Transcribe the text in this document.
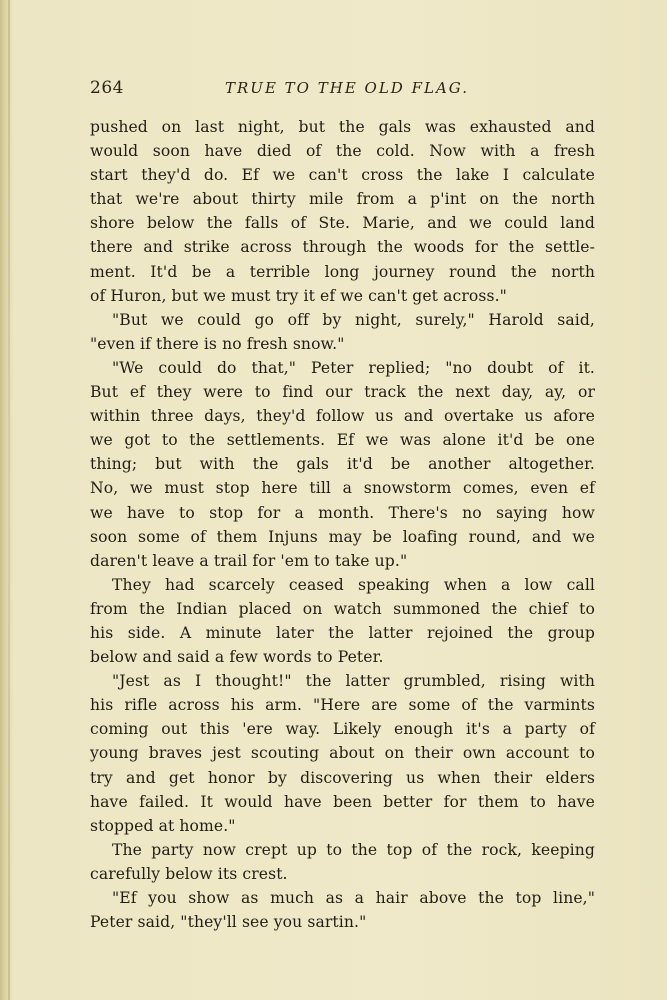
264	TRUE TO THE OLD FLAG.
pushed on last night, but the gals was exhausted and
would soon have died of the cold. Now with a fresh
start they'd do. Ef we can't cross the lake I calculate
that we're about thirty mile from a p'int on the north
shore below the falls of Ste. Marie, and we could land
there and strike across through the woods for the settle-
ment. It'd be a terrible long journey round the north
of Huron, but we must try it ef we can't get across."
"But we could go off by night, surely," Harold said,
"even if there is no fresh snow."
"We could do that," Peter replied; "no doubt of it.
But ef they were to find our track the next day, ay, or
within three days, they'd follow us and overtake us afore
we got to the settlements. Ef we was alone it'd be one
thing; but with the gals it'd be another altogether.
No, we must stop here till a snowstorm comes, even ef
we have to stop for a month. There's no saying how
soon some of them Injuns may be loafing round, and we
daren't leave a trail for 'em to take up."
They had scarcely ceased speaking when a low call
from the Indian placed on watch summoned the chief to
his side. A minute later the latter rejoined the group
below and said a few words to Peter.
"Jest as I thought!" the latter grumbled, rising with
his rifle across his arm. "Here are some of the varmints
coming out this 'ere way. Likely enough it's a party of
young braves jest scouting about on their own account to
try and get honor by discovering us when their elders
have failed. It would have been better for them to have
stopped at home."
The party now crept up to the top of the rock, keeping
carefully below its crest.
"Ef you show as much as a hair above the top line,"
Peter said, "they'll see you sartin."
